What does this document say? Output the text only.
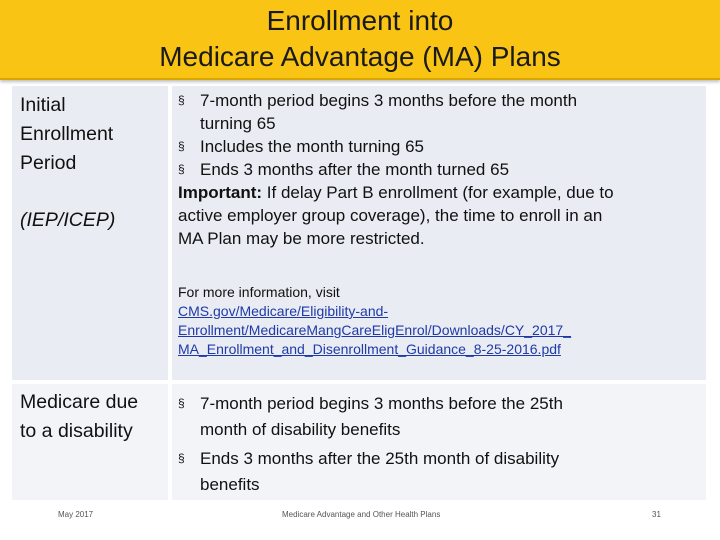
Enrollment into
Medicare Advantage (MA) Plans
Initial
Enrollment
Period
(IEP/ICEP)
§ 7-month period begins 3 months before the month
turning 65
§ Includes the month turning 65
§ Ends 3 months after the month turned 65
Important: If delay Part B enrollment (for example, due to
active employer group coverage), the time to enroll in an
MA Plan may be more restricted.
For more information, visit
CMS.gov/Medicare/Eligibility-and-
Enrollment/MedicareMangCareEligEnrol/Downloads/CY_2017_
MA_Enrollment_and_Disenrollment_Guidance_8-25-2016.pdf
Medicare due
to a disability
§ 7-month period begins 3 months before the 25th
month of disability benefits
§ Ends 3 months after the 25th month of disability
benefits
May 2017	Medicare Advantage and Other Health Plans	31
